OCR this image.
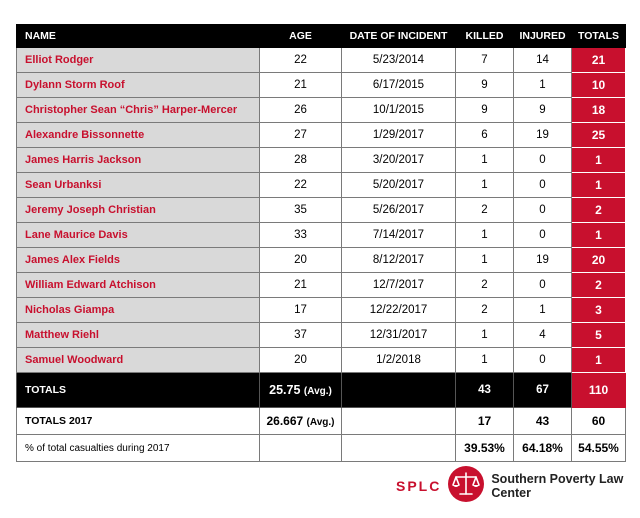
NAME	AGE	DATE OF INCIDENT	KILLED	INJURED	TOTALS
Elliot Rodger	22	5/23/2014	7	14	21
Dylann Storm Roof	21	6/17/2015	9	1	10
Christopher Sean “Chris” Harper-Mercer	26	10/1/2015	9	9	18
Alexandre Bissonnette	27	1/29/2017	6	19	25
James Harris Jackson	28	3/20/2017	1	0	1
Sean Urbanksi	22	5/20/2017	1	0	1
Jeremy Joseph Christian	35	5/26/2017	2	0	2
Lane Maurice Davis	33	7/14/2017	1	0	1
James Alex Fields	20	8/12/2017	1	19	20
William Edward Atchison	21	12/7/2017	2	0	2
Nicholas Giampa	17	12/22/2017	2	1	3
Matthew Riehl	37	12/31/2017	1	4	5
Samuel Woodward	20	1/2/2018	1	0	1
TOTALS	25.75 (Avg.)		43	67	110
TOTALS 2017	26.667 (Avg.)		17	43	60
% of total casualties during 2017			39.53%	64.18%	54.55%
SPLC	Southern Poverty Law Center
